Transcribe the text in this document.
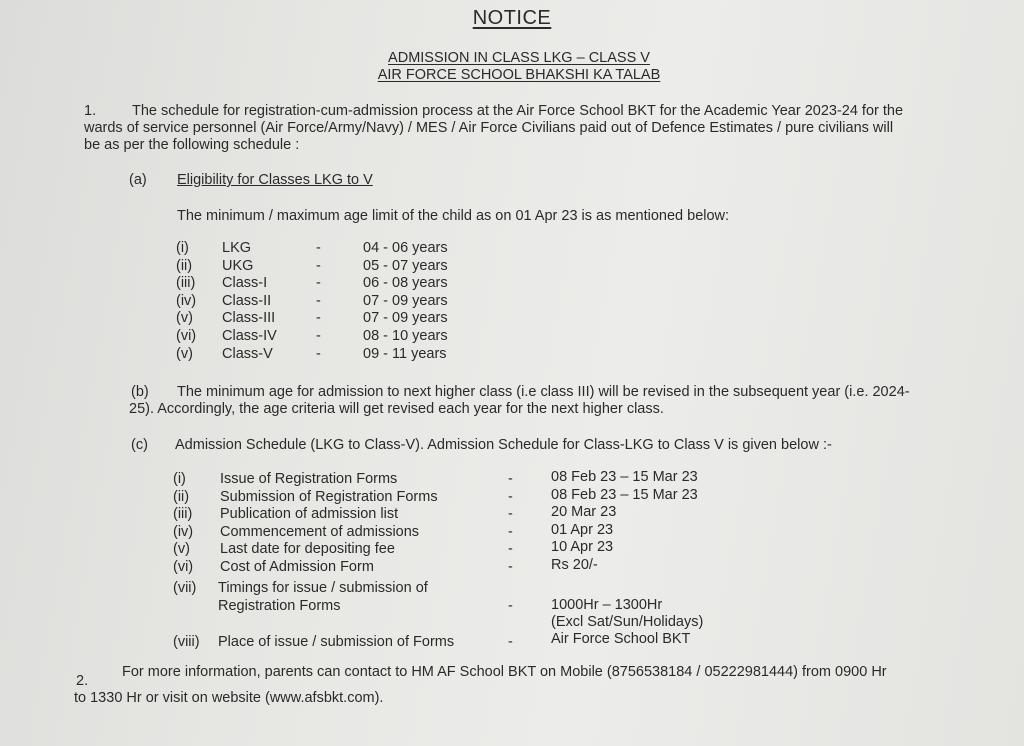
NOTICE
ADMISSION IN CLASS LKG – CLASS V
AIR FORCE SCHOOL BHAKSHI KA TALAB
1. The schedule for registration-cum-admission process at the Air Force School BKT for the Academic Year 2023-24 for the
wards of service personnel (Air Force/Army/Navy) / MES / Air Force Civilians paid out of Defence Estimates / pure civilians will
be as per the following schedule :
(a) Eligibility for Classes LKG to V
The minimum / maximum age limit of the child as on 01 Apr 23 is as mentioned below:
(i) LKG	-	04 - 06 years
(ii) UKG	-	05 - 07 years
(iii) Class-I	-	06 - 08 years
(iv) Class-II	-	07 - 09 years
(v) Class-III	-	07 - 09 years
(vi) Class-IV	-	08 - 10 years
(v) Class-V	-	09 - 11 years
(b) The minimum age for admission to next higher class (i.e class III) will be revised in the subsequent year (i.e. 2024-
25). Accordingly, the age criteria will get revised each year for the next higher class.
(c) Admission Schedule (LKG to Class-V). Admission Schedule for Class-LKG to Class V is given below :-
(i) Issue of Registration Forms	-	08 Feb 23 – 15 Mar 23
(ii) Submission of Registration Forms	-	08 Feb 23 – 15 Mar 23
(iii) Publication of admission list	-	20 Mar 23
(iv) Commencement of admissions	-	01 Apr 23
(v) Last date for depositing fee	-	10 Apr 23
(vi) Cost of Admission Form	-	Rs 20/-
(vii) Timings for issue / submission of
Registration Forms	-	1000Hr – 1300Hr
(Excl Sat/Sun/Holidays)
(viii) Place of issue / submission of Forms	-	Air Force School BKT
2.
For more information, parents can contact to HM AF School BKT on Mobile (8756538184 / 05222981444) from 0900 Hr
to 1330 Hr or visit on website (www.afsbkt.com).
